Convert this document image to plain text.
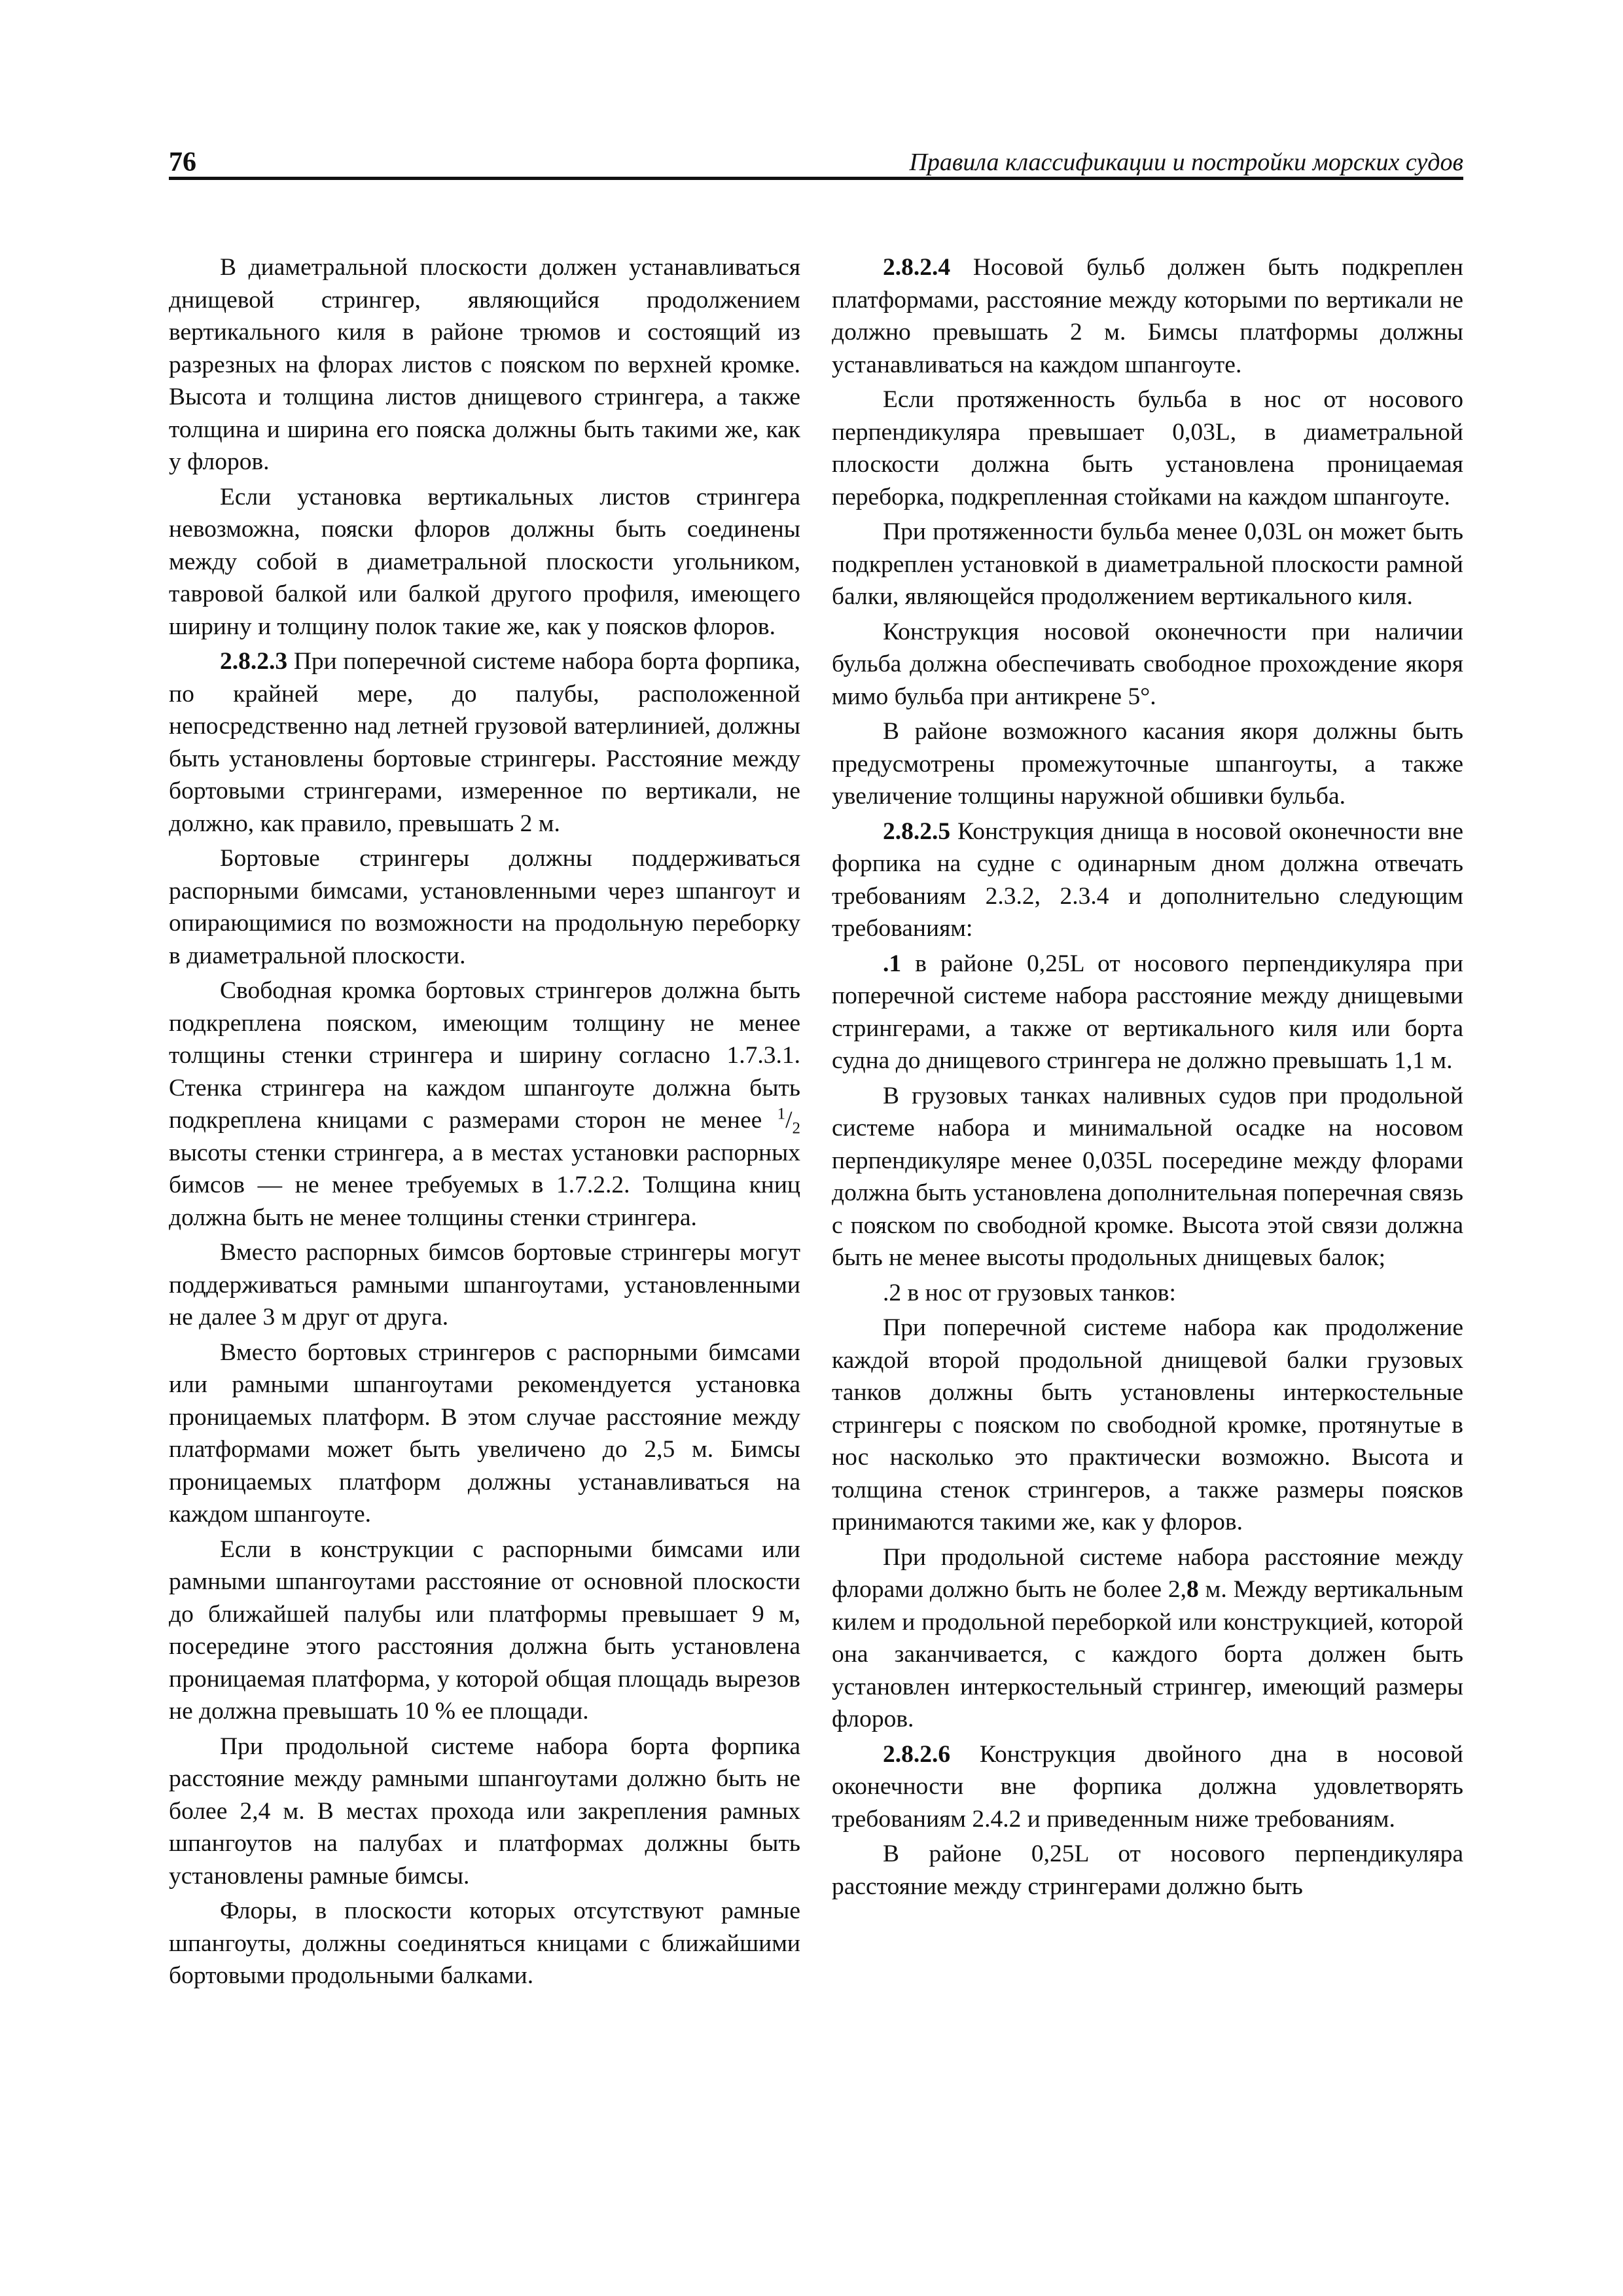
76	Правила классификации и постройки морских судов

В диаметральной плоскости должен устанавливаться днищевой стрингер, являющийся продолжением вертикального киля в районе трюмов и состоящий из разрезных на флорах листов с пояском по верхней кромке. Высота и толщина листов днищевого стрингера, а также толщина и ширина его пояска должны быть такими же, как у флоров.

Если установка вертикальных листов стрингера невозможна, пояски флоров должны быть соединены между собой в диаметральной плоскости угольником, тавровой балкой или балкой другого профиля, имеющего ширину и толщину полок такие же, как у поясков флоров.

2.8.2.3 При поперечной системе набора борта форпика, по крайней мере, до палубы, расположенной непосредственно над летней грузовой ватерлинией, должны быть установлены бортовые стрингеры. Расстояние между бортовыми стрингерами, измеренное по вертикали, не должно, как правило, превышать 2 м.

Бортовые стрингеры должны поддерживаться распорными бимсами, установленными через шпангоут и опирающимися по возможности на продольную переборку в диаметральной плоскости.

Свободная кромка бортовых стрингеров должна быть подкреплена пояском, имеющим толщину не менее толщины стенки стрингера и ширину согласно 1.7.3.1. Стенка стрингера на каждом шпангоуте должна быть подкреплена кницами с размерами сторон не менее $^1/_2$ высоты стенки стрингера, а в местах установки распорных бимсов — не менее требуемых в 1.7.2.2. Толщина книц должна быть не менее толщины стенки стрингера.

Вместо распорных бимсов бортовые стрингеры могут поддерживаться рамными шпангоутами, установленными не далее 3 м друг от друга.

Вместо бортовых стрингеров с распорными бимсами или рамными шпангоутами рекомендуется установка проницаемых платформ. В этом случае расстояние между платформами может быть увеличено до 2,5 м. Бимсы проницаемых платформ должны устанавливаться на каждом шпангоуте.

Если в конструкции с распорными бимсами или рамными шпангоутами расстояние от основной плоскости до ближайшей палубы или платформы превышает 9 м, посередине этого расстояния должна быть установлена проницаемая платформа, у которой общая площадь вырезов не должна превышать 10 % ее площади.

При продольной системе набора борта форпика расстояние между рамными шпангоутами должно быть не более 2,4 м. В местах прохода или закрепления рамных шпангоутов на палубах и платформах должны быть установлены рамные бимсы.

Флоры, в плоскости которых отсутствуют рамные шпангоуты, должны соединяться кницами с ближайшими бортовыми продольными балками.

2.8.2.4 Носовой бульб должен быть подкреплен платформами, расстояние между которыми по вертикали не должно превышать 2 м. Бимсы платформы должны устанавливаться на каждом шпангоуте.

Если протяженность бульба в нос от носового перпендикуляра превышает 0,03L, в диаметральной плоскости должна быть установлена проницаемая переборка, подкрепленная стойками на каждом шпангоуте.

При протяженности бульба менее 0,03L он может быть подкреплен установкой в диаметральной плоскости рамной балки, являющейся продолжением вертикального киля.

Конструкция носовой оконечности при наличии бульба должна обеспечивать свободное прохождение якоря мимо бульба при антикрене 5°.

В районе возможного касания якоря должны быть предусмотрены промежуточные шпангоуты, а также увеличение толщины наружной обшивки бульба.

2.8.2.5 Конструкция днища в носовой оконечности вне форпика на судне с одинарным дном должна отвечать требованиям 2.3.2, 2.3.4 и дополнительно следующим требованиям:

.1 в районе 0,25L от носового перпендикуляра при поперечной системе набора расстояние между днищевыми стрингерами, а также от вертикального киля или борта судна до днищевого стрингера не должно превышать 1,1 м.

В грузовых танках наливных судов при продольной системе набора и минимальной осадке на носовом перпендикуляре менее 0,035L посередине между флорами должна быть установлена дополнительная поперечная связь с пояском по свободной кромке. Высота этой связи должна быть не менее высоты продольных днищевых балок;

.2 в нос от грузовых танков:

При поперечной системе набора как продолжение каждой второй продольной днищевой балки грузовых танков должны быть установлены интеркостельные стрингеры с пояском по свободной кромке, протянутые в нос насколько это практически возможно. Высота и толщина стенок стрингеров, а также размеры поясков принимаются такими же, как у флоров.

При продольной системе набора расстояние между флорами должно быть не более 2,8 м. Между вертикальным килем и продольной переборкой или конструкцией, которой она заканчивается, с каждого борта должен быть установлен интеркостельный стрингер, имеющий размеры флоров.

2.8.2.6 Конструкция двойного дна в носовой оконечности вне форпика должна удовлетворять требованиям 2.4.2 и приведенным ниже требованиям.

В районе 0,25L от носового перпендикуляра расстояние между стрингерами должно быть
